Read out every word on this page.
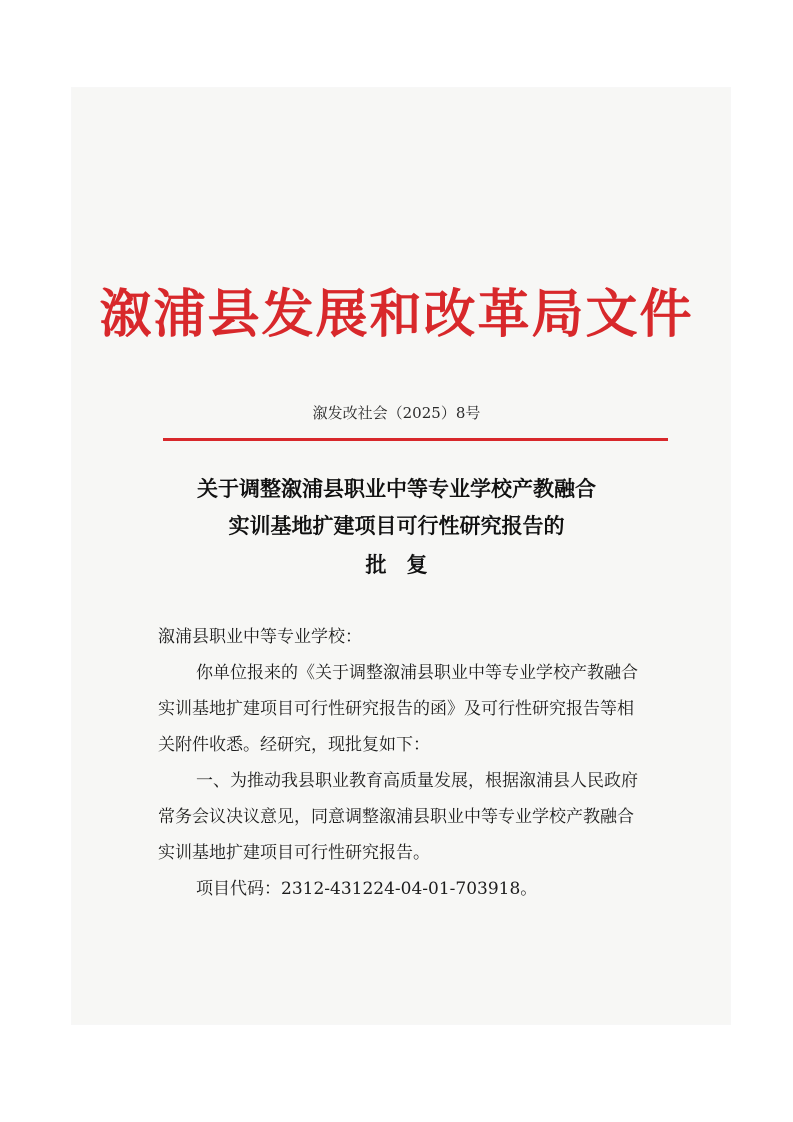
溆浦县发展和改革局文件
溆发改社会（2025）8号
关于调整溆浦县职业中等专业学校产教融合
实训基地扩建项目可行性研究报告的
批复
溆浦县职业中等专业学校：
你单位报来的《关于调整溆浦县职业中等专业学校产教融合
实训基地扩建项目可行性研究报告的函》及可行性研究报告等相
关附件收悉。经研究，现批复如下：
一、为推动我县职业教育高质量发展，根据溆浦县人民政府
常务会议决议意见，同意调整溆浦县职业中等专业学校产教融合
实训基地扩建项目可行性研究报告。
项目代码：2312-431224-04-01-703918。
